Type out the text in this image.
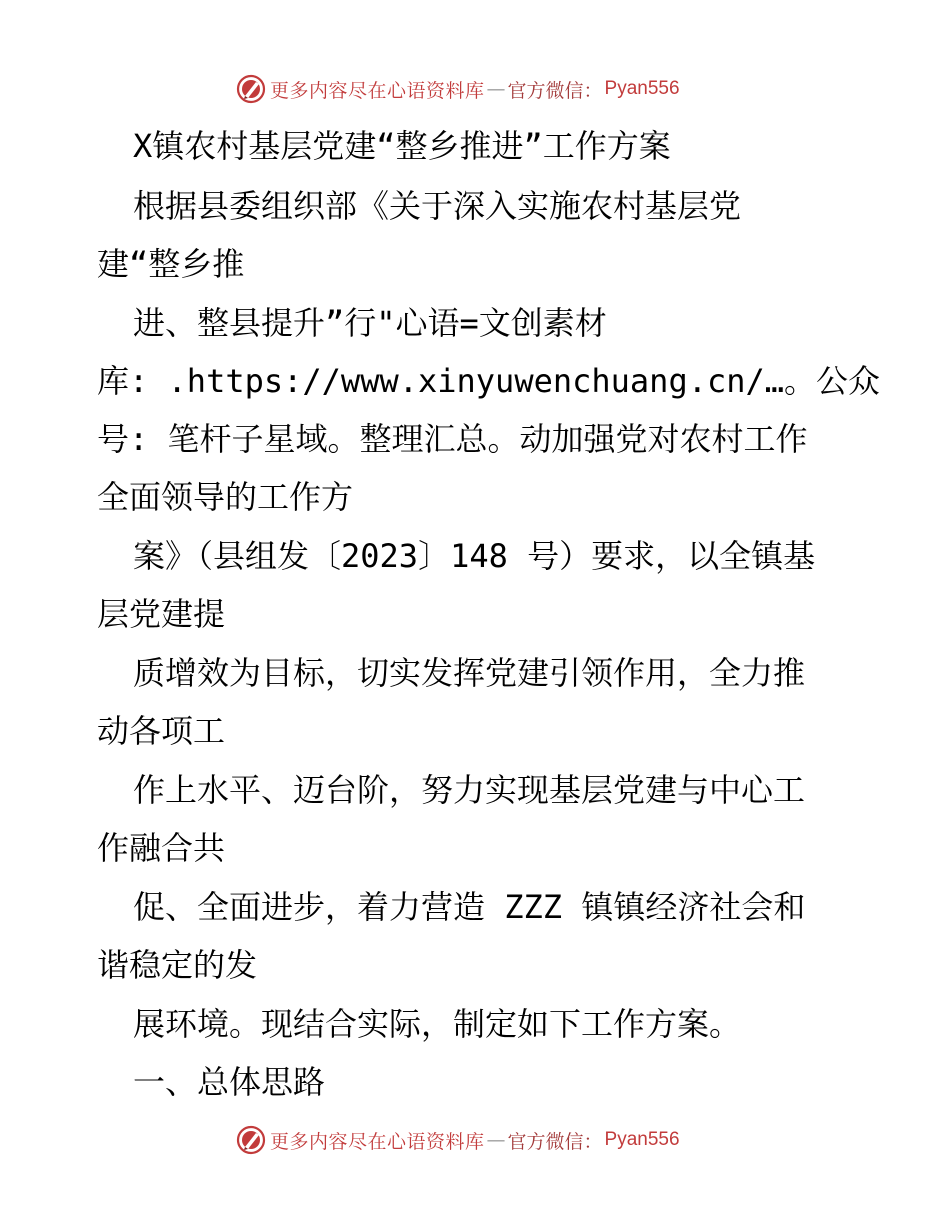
更多内容尽在心语资料库 — 官方微信： Pyan556
X镇农村基层党建“整乡推进”工作方案
根据县委组织部《关于深入实施农村基层党
建“整乡推
进、整县提升”行"心语=文创素材
库: .https://www.xinyuwenchuang.cn/…。公众
号: 笔杆子星域。整理汇总。动加强党对农村工作
全面领导的工作方
案》（县组发〔2023〕148 号）要求，以全镇基
层党建提
质增效为目标，切实发挥党建引领作用，全力推
动各项工
作上水平、迈台阶，努力实现基层党建与中心工
作融合共
促、全面进步，着力营造 ZZZ 镇镇经济社会和
谐稳定的发
展环境。现结合实际，制定如下工作方案。
一、总体思路
更多内容尽在心语资料库 — 官方微信： Pyan556
